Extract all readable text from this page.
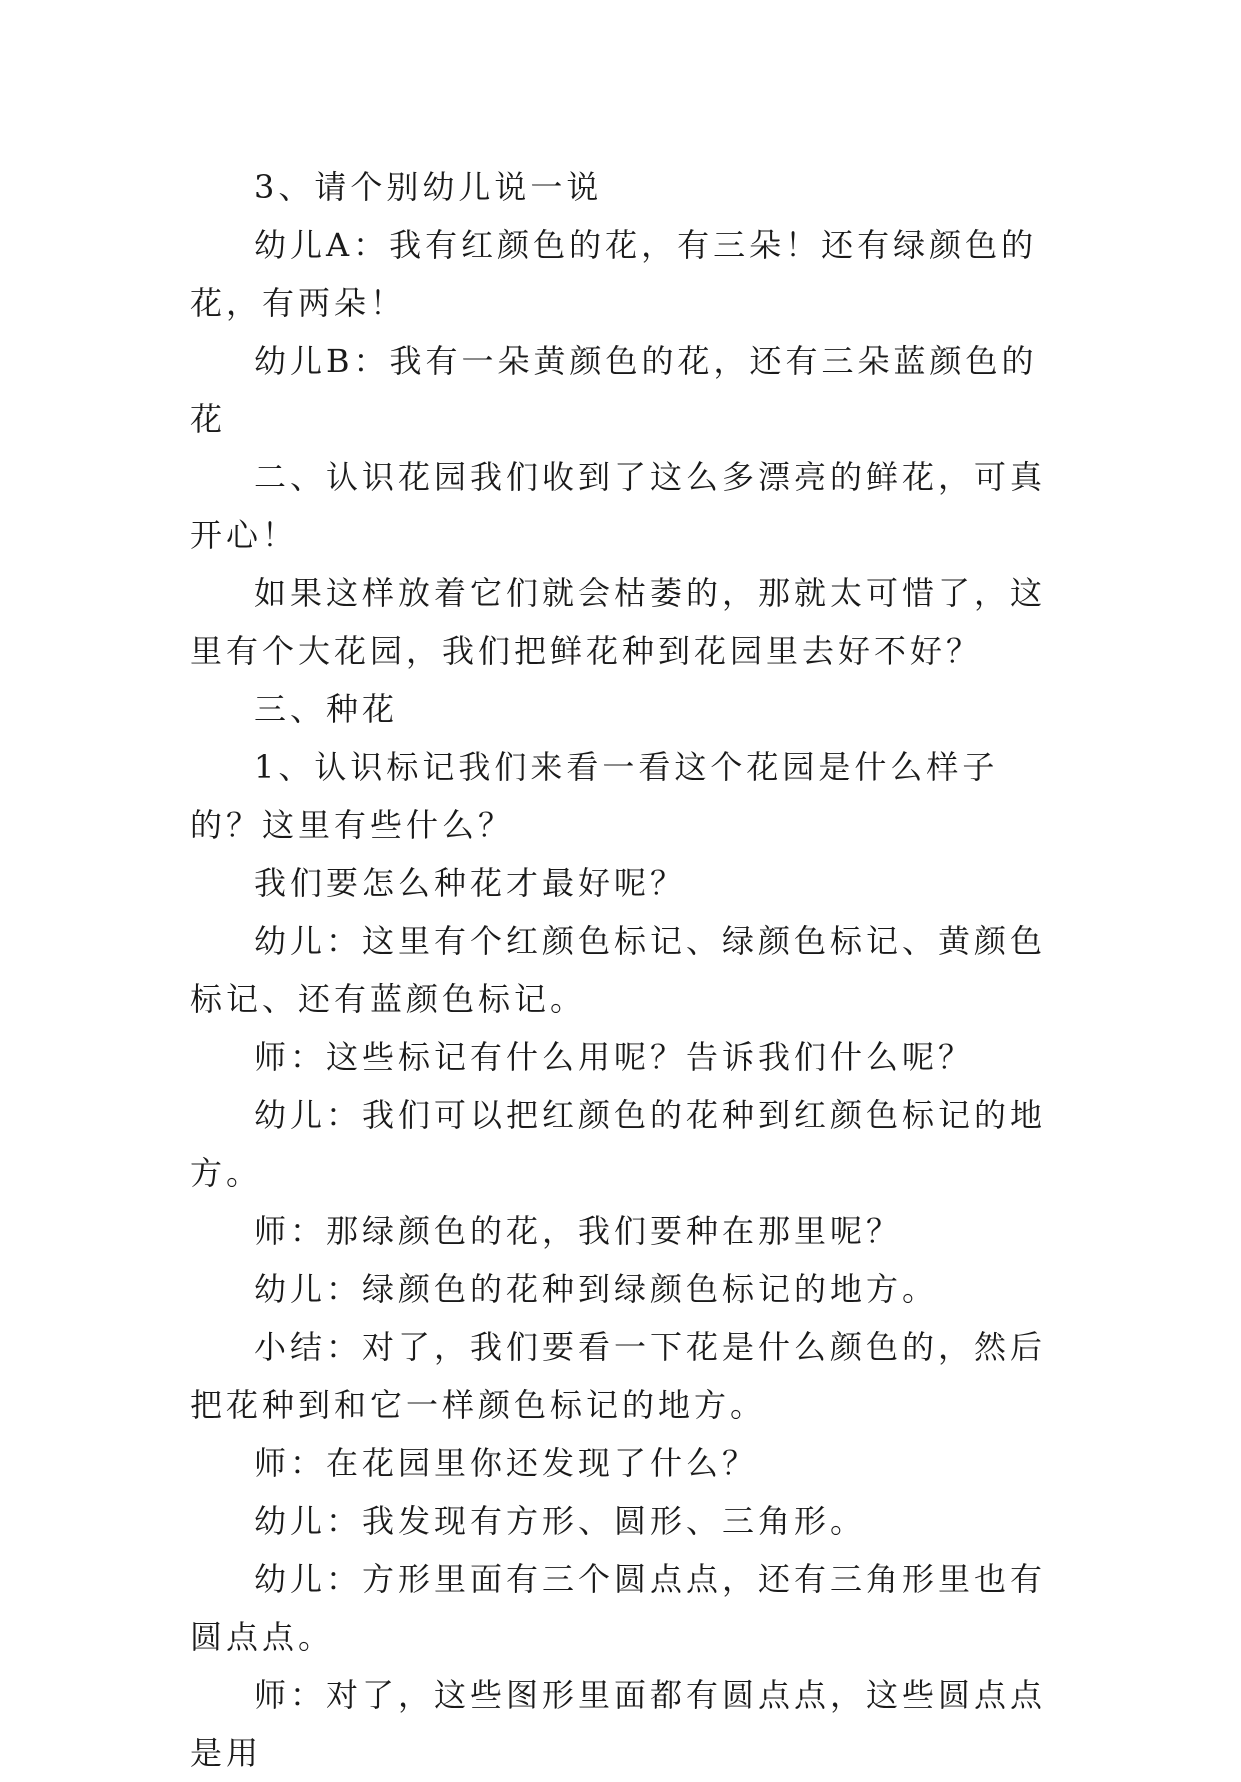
3、请个别幼儿说一说

幼儿A：我有红颜色的花，有三朵！还有绿颜色的花，有两朵！

幼儿B：我有一朵黄颜色的花，还有三朵蓝颜色的花

二、认识花园我们收到了这么多漂亮的鲜花，可真开心！

如果这样放着它们就会枯萎的，那就太可惜了，这里有个大花园，我们把鲜花种到花园里去好不好？

三、种花

1、认识标记我们来看一看这个花园是什么样子的？这里有些什么？

我们要怎么种花才最好呢？

幼儿：这里有个红颜色标记、绿颜色标记、黄颜色标记、还有蓝颜色标记。

师：这些标记有什么用呢？告诉我们什么呢？

幼儿：我们可以把红颜色的花种到红颜色标记的地方。

师：那绿颜色的花，我们要种在那里呢？

幼儿：绿颜色的花种到绿颜色标记的地方。

小结：对了，我们要看一下花是什么颜色的，然后把花种到和它一样颜色标记的地方。

师：在花园里你还发现了什么？

幼儿：我发现有方形、圆形、三角形。

幼儿：方形里面有三个圆点点，还有三角形里也有圆点点。

师：对了，这些图形里面都有圆点点，这些圆点点是用
